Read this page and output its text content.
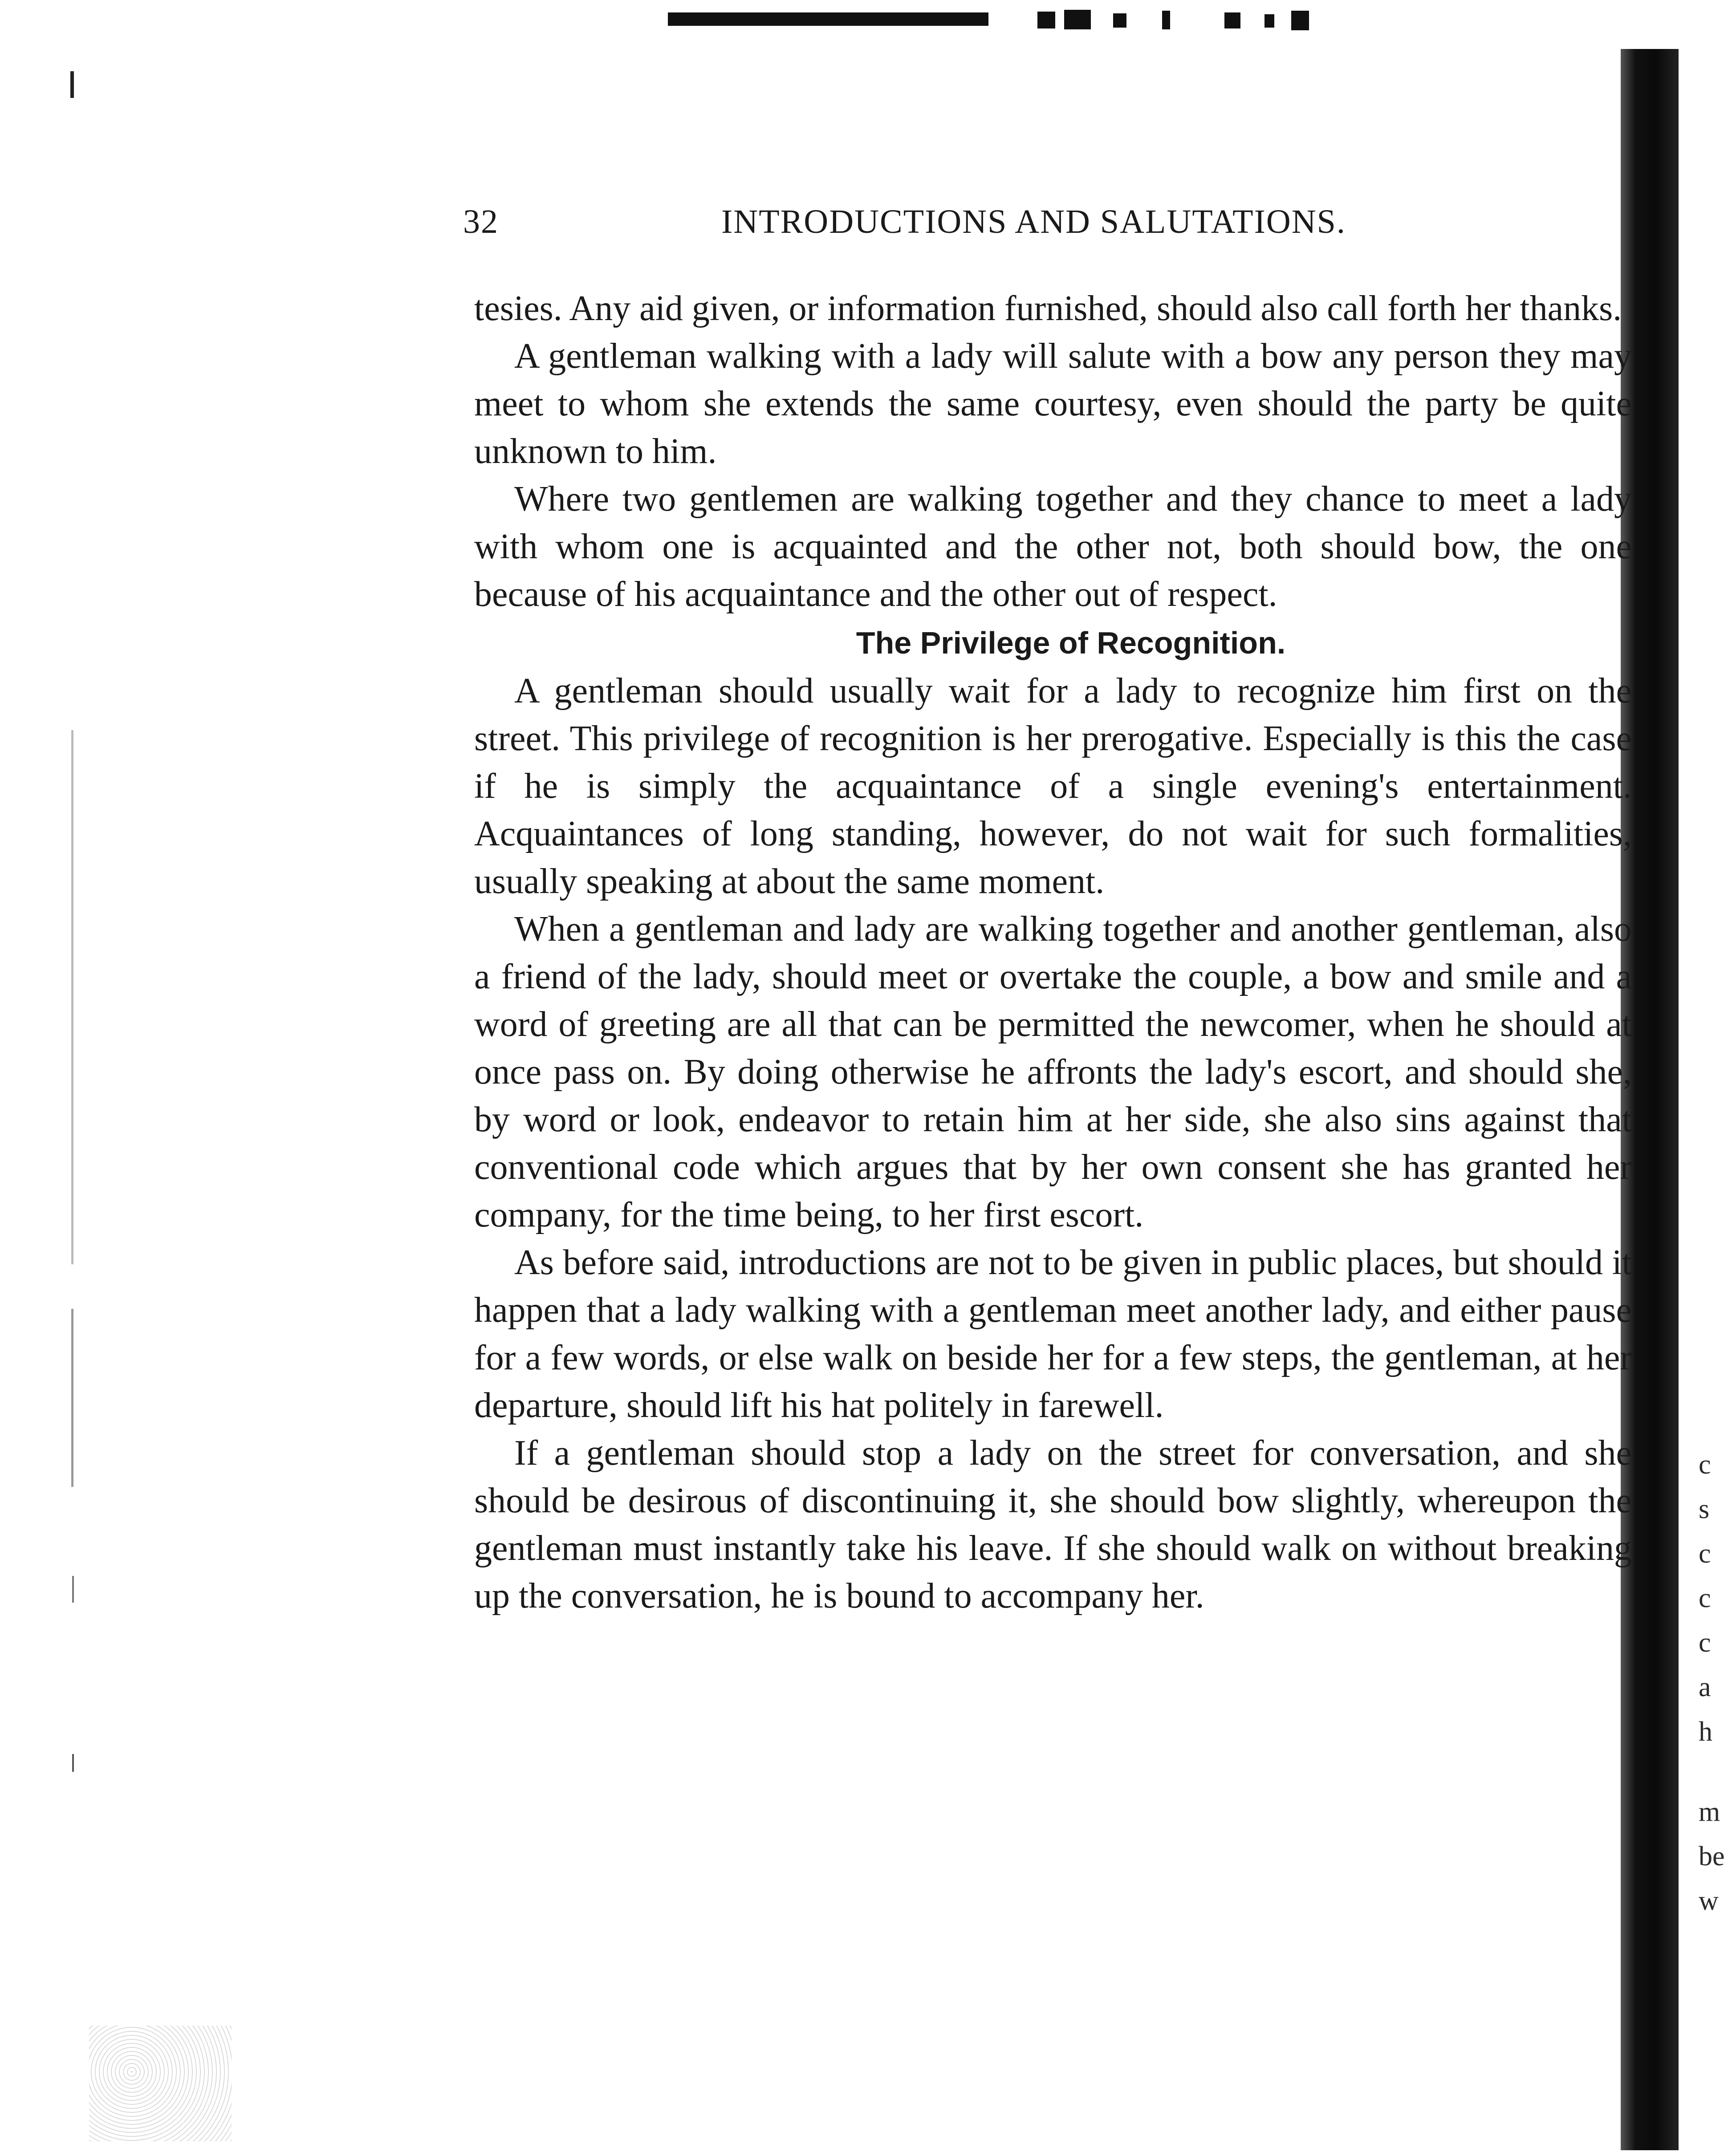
32	INTRODUCTIONS AND SALUTATIONS.

tesies. Any aid given, or information furnished, should also call forth her thanks.

A gentleman walking with a lady will salute with a bow any person they may meet to whom she extends the same courtesy, even should the party be quite unknown to him.

Where two gentlemen are walking together and they chance to meet a lady with whom one is acquainted and the other not, both should bow, the one because of his acquaintance and the other out of respect.

The Privilege of Recognition.

A gentleman should usually wait for a lady to recognize him first on the street. This privilege of recognition is her prerogative. Especially is this the case if he is simply the acquaintance of a single evening's entertainment. Acquaintances of long standing, however, do not wait for such formalities, usually speaking at about the same moment.

When a gentleman and lady are walking together and another gentleman, also a friend of the lady, should meet or overtake the couple, a bow and smile and a word of greeting are all that can be permitted the newcomer, when he should at once pass on. By doing otherwise he affronts the lady's escort, and should she, by word or look, endeavor to retain him at her side, she also sins against that conventional code which argues that by her own consent she has granted her company, for the time being, to her first escort.

As before said, introductions are not to be given in public places, but should it happen that a lady walking with a gentleman meet another lady, and either pause for a few words, or else walk on beside her for a few steps, the gentleman, at her departure, should lift his hat politely in farewell.

If a gentleman should stop a lady on the street for conversation, and she should be desirous of discontinuing it, she should bow slightly, whereupon the gentleman must instantly take his leave. If she should walk on without breaking up the conversation, he is bound to accompany her.

c
s
c
c
c
a
h
m
be
w
